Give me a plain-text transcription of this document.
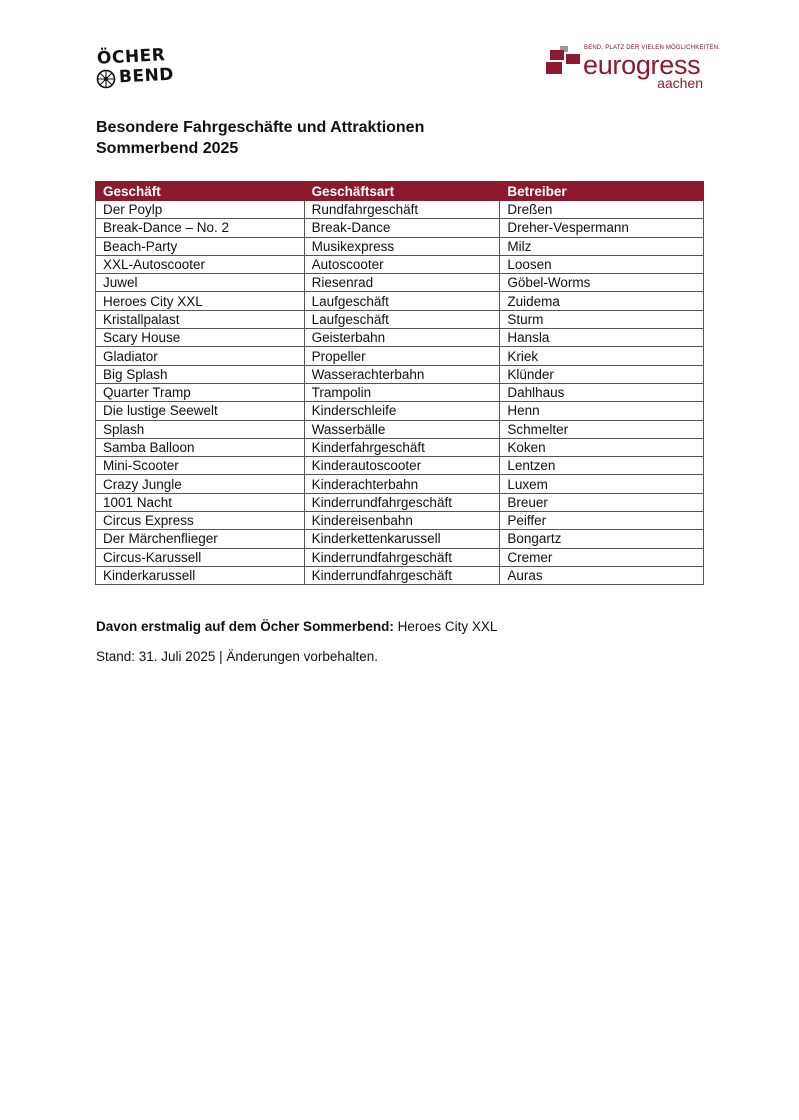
ÖCHER
BEND
BEND. PLATZ DER VIELEN MÖGLICHKEITEN.
eurogress
aachen
Besondere Fahrgeschäfte und Attraktionen
Sommerbend 2025
Geschäft	Geschäftsart	Betreiber
Der Poylp	Rundfahrgeschäft	Dreßen
Break-Dance – No. 2	Break-Dance	Dreher-Vespermann
Beach-Party	Musikexpress	Milz
XXL-Autoscooter	Autoscooter	Loosen
Juwel	Riesenrad	Göbel-Worms
Heroes City XXL	Laufgeschäft	Zuidema
Kristallpalast	Laufgeschäft	Sturm
Scary House	Geisterbahn	Hansla
Gladiator	Propeller	Kriek
Big Splash	Wasserachterbahn	Klünder
Quarter Tramp	Trampolin	Dahlhaus
Die lustige Seewelt	Kinderschleife	Henn
Splash	Wasserbälle	Schmelter
Samba Balloon	Kinderfahrgeschäft	Koken
Mini-Scooter	Kinderautoscooter	Lentzen
Crazy Jungle	Kinderachterbahn	Luxem
1001 Nacht	Kinderrundfahrgeschäft	Breuer
Circus Express	Kindereisenbahn	Peiffer
Der Märchenflieger	Kinderkettenkarussell	Bongartz
Circus-Karussell	Kinderrundfahrgeschäft	Cremer
Kinderkarussell	Kinderrundfahrgeschäft	Auras
Davon erstmalig auf dem Öcher Sommerbend: Heroes City XXL
Stand: 31. Juli 2025 | Änderungen vorbehalten.
